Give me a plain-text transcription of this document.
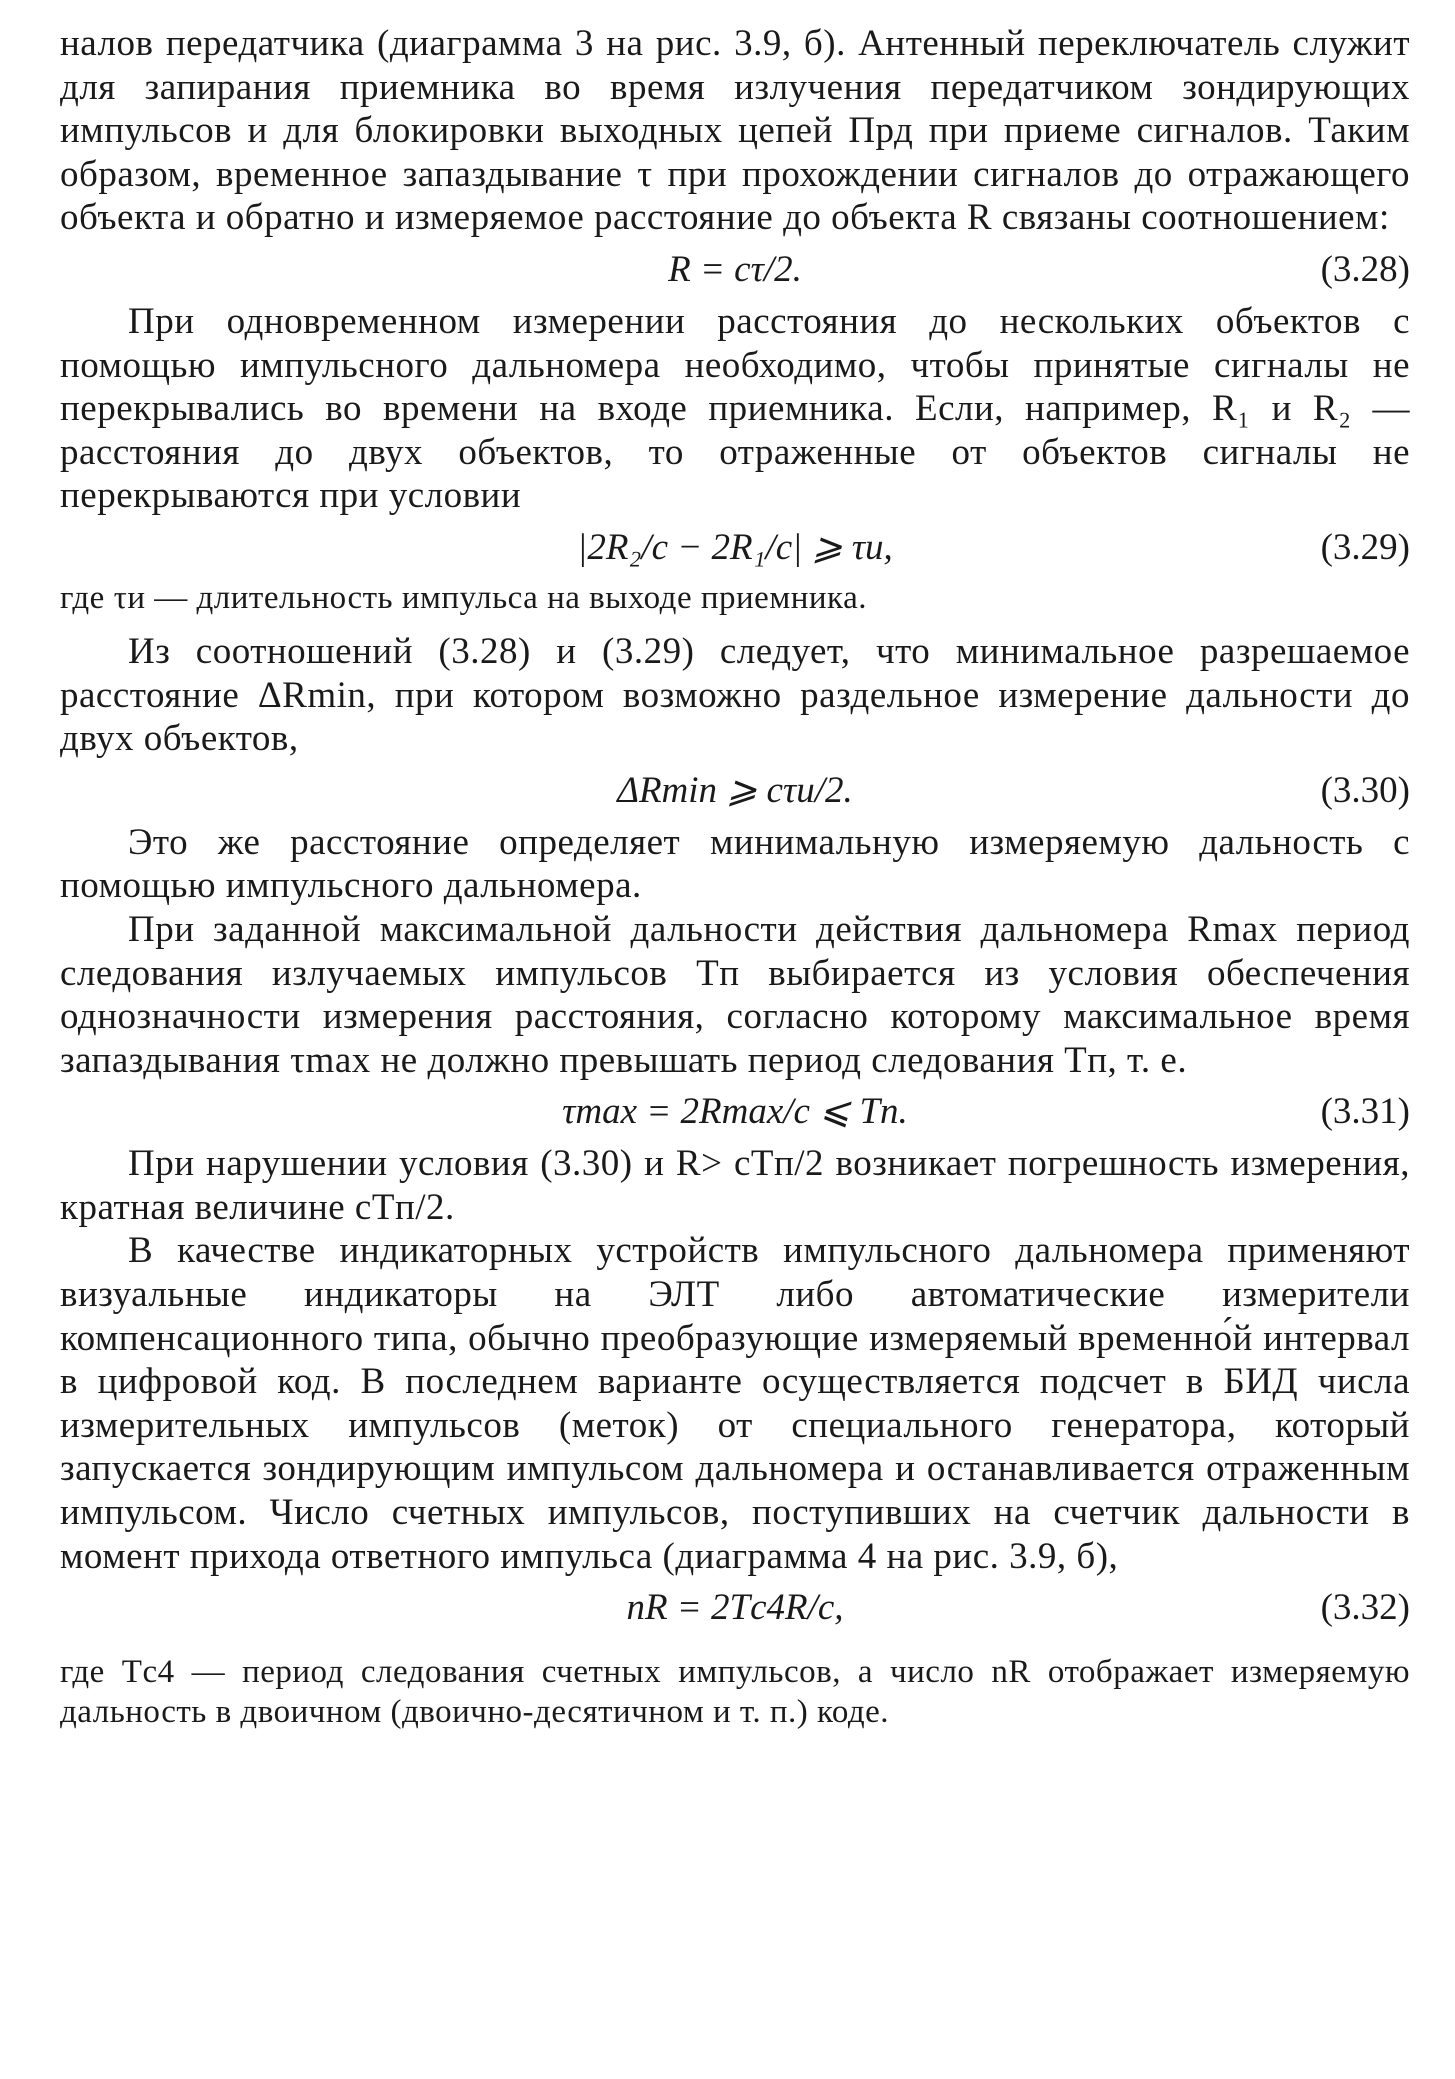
налов передатчика (диаграмма 3 на рис. 3.9, б). Антенный переключатель служит для запирания приемника во время излучения передатчиком зондирующих импульсов и для блокировки выходных цепей Прд при приеме сигналов. Таким образом, временное запаздывание τ при прохождении сигналов до отражающего объекта и обратно и измеряемое расстояние до объекта R связаны соотношением:

R = cτ/2.	(3.28)

При одновременном измерении расстояния до нескольких объектов с помощью импульсного дальномера необходимо, чтобы принятые сигналы не перекрывались во времени на входе приемника. Если, например, R₁ и R₂ — расстояния до двух объектов, то отраженные от объектов сигналы не перекрываются при условии

|2R₂/c − 2R₁/c| ⩾ τи,	(3.29)

где τи — длительность импульса на выходе приемника.

Из соотношений (3.28) и (3.29) следует, что минимальное разрешаемое расстояние ΔRmin, при котором возможно раздельное измерение дальности до двух объектов,

ΔRmin ⩾ cτи/2.	(3.30)

Это же расстояние определяет минимальную измеряемую дальность с помощью импульсного дальномера.

При заданной максимальной дальности действия дальномера Rmax период следования излучаемых импульсов Tп выбирается из условия обеспечения однозначности измерения расстояния, согласно которому максимальное время запаздывания τmax не должно превышать период следования Tп, т. е.

τmax = 2Rmax/c ⩽ Tп.	(3.31)

При нарушении условия (3.30) и R> cTп/2 возникает погрешность измерения, кратная величине cTп/2.

В качестве индикаторных устройств импульсного дальномера применяют визуальные индикаторы на ЭЛТ либо автоматические измерители компенсационного типа, обычно преобразующие измеряемый временно́й интервал в цифровой код. В последнем варианте осуществляется подсчет в БИД числа измерительных импульсов (меток) от специального генератора, который запускается зондирующим импульсом дальномера и останавливается отраженным импульсом. Число счетных импульсов, поступивших на счетчик дальности в момент прихода ответного импульса (диаграмма 4 на рис. 3.9, б),

nR = 2Tс4R/c,	(3.32)

где Tс4 — период следования счетных импульсов, а число nR отображает измеряемую дальность в двоичном (двоично-десятичном и т. п.) коде.
